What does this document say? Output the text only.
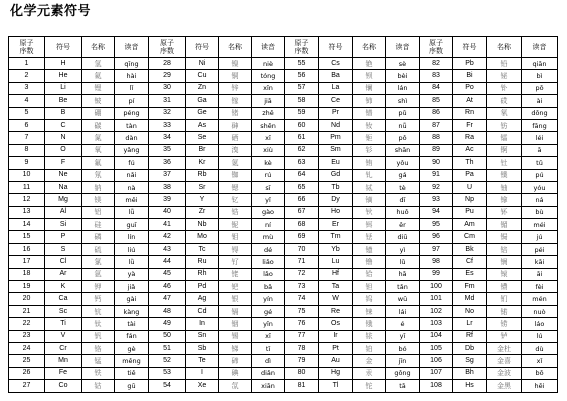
化学元素符号
原子序数	符号	名称	读音	原子序数	符号	名称	读音	原子序数	符号	名称	读音	原子序数	符号	名称	读音
1	H	氢	qīng	28	Ni	镍	niè	55	Cs	铯	sè	82	Pb	铅	qiān
2	He	氦	hài	29	Cu	铜	tóng	56	Ba	钡	bèi	83	Bi	铋	bì
3	Li	锂	lǐ	30	Zn	锌	xīn	57	La	镧	lán	84	Po	钋	pō
4	Be	铍	pí	31	Ga	镓	jiā	58	Ce	铈	shì	85	At	砹	ài
5	B	硼	péng	32	Ge	锗	zhě	59	Pr	镨	pǔ	86	Rn	氡	dōng
6	C	碳	tàn	33	As	砷	shēn	60	Nd	钕	nǚ	87	Fr	钫	fāng
7	N	氮	dàn	34	Se	硒	xī	61	Pm	钷	pǒ	88	Ra	镭	léi
8	O	氧	yǎng	35	Br	溴	xiù	62	Sm	钐	shān	89	Ac	锕	ā
9	F	氟	fú	36	Kr	氪	kè	63	Eu	铕	yǒu	90	Th	钍	tǔ
10	Ne	氖	nǎi	37	Rb	铷	rú	64	Gd	钆	gá	91	Pa	镤	pú
11	Na	钠	nà	38	Sr	锶	sī	65	Tb	铽	tè	92	U	铀	yóu
12	Mg	镁	měi	39	Y	钇	yǐ	66	Dy	镝	dī	93	Np	镎	ná
13	Al	铝	lǚ	40	Zr	锆	gào	67	Ho	钬	huǒ	94	Pu	钚	bù
14	Si	硅	guī	41	Nb	铌	ní	68	Er	铒	ěr	95	Am	镅	méi
15	P	磷	lín	42	Mo	钼	mù	69	Tm	铥	diū	96	Cm	锔	jú
16	S	硫	liú	43	Tc	锝	dé	70	Yb	镱	yì	97	Bk	锫	péi
17	Cl	氯	lǜ	44	Ru	钌	liǎo	71	Lu	镥	lǔ	98	Cf	锎	kāi
18	Ar	氩	yà	45	Rh	铑	lǎo	72	Hf	铪	hā	99	Es	锿	āi
19	K	钾	jiǎ	46	Pd	钯	bǎ	73	Ta	钽	tǎn	100	Fm	镄	fèi
20	Ca	钙	gài	47	Ag	银	yín	74	W	钨	wū	101	Md	钔	mén
21	Sc	钪	kàng	48	Cd	镉	gé	75	Re	铼	lái	102	No	锘	nuò
22	Ti	钛	tài	49	In	铟	yīn	76	Os	锇	é	103	Lr	铹	láo
23	V	钒	fán	50	Sn	锡	xī	77	Ir	铱	yī	104	Rf	𬬻	lú
24	Cr	铬	gè	51	Sb	锑	tī	78	Pt	铂	bó	105	Db	金杜	dù
25	Mn	锰	měng	52	Te	碲	dì	79	Au	金	jīn	106	Sg	金喜	xǐ
26	Fe	铁	tiě	53	I	碘	diǎn	80	Hg	汞	gǒng	107	Bh	金波	bō
27	Co	钴	gū	54	Xe	氙	xiān	81	Tl	铊	tā	108	Hs	金黑	hēi
